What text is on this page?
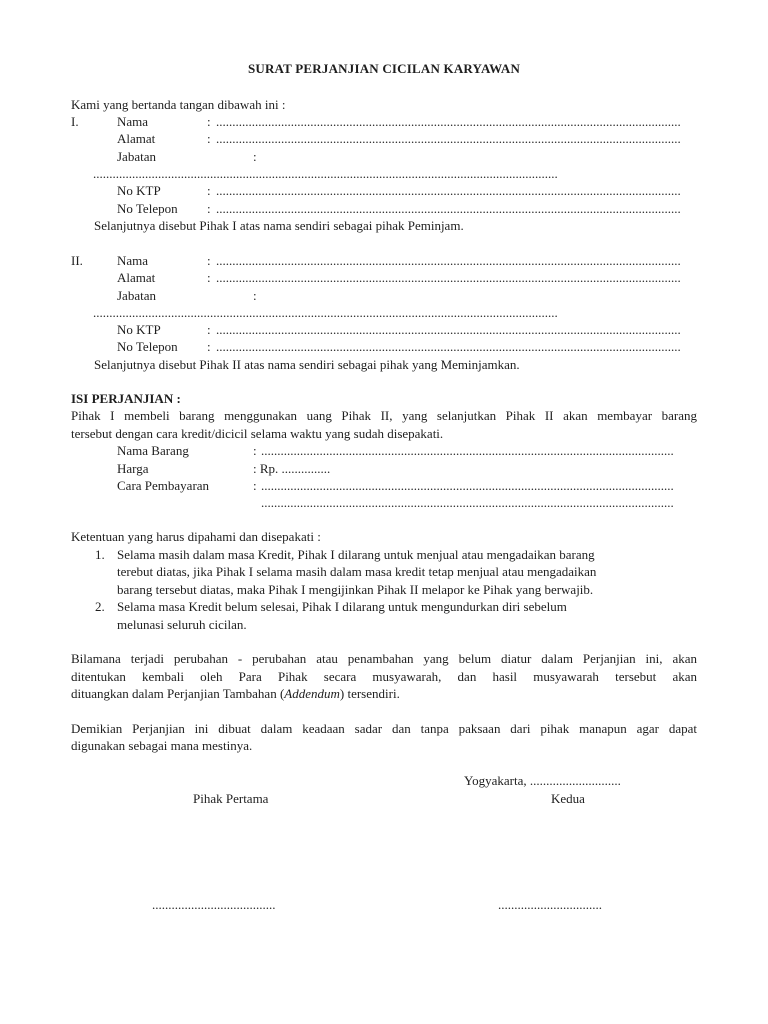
SURAT PERJANJIAN CICILAN KARYAWAN
Kami yang bertanda tangan dibawah ini :
I.	Nama	: ...............................................................................................................................................
Alamat	: ...............................................................................................................................................
Jabatan	:
...............................................................................................................................................
No KTP	: ...............................................................................................................................................
No Telepon : ...............................................................................................................................................
Selanjutnya disebut Pihak I atas nama sendiri sebagai pihak Peminjam.
II.	Nama	: ...............................................................................................................................................
Alamat	: ...............................................................................................................................................
Jabatan	:
...............................................................................................................................................
No KTP	: ...............................................................................................................................................
No Telepon : ...............................................................................................................................................
Selanjutnya disebut Pihak II atas nama sendiri sebagai pihak yang Meminjamkan.
ISI PERJANJIAN :
Pihak I membeli barang menggunakan uang Pihak II, yang selanjutkan Pihak II akan membayar barang
tersebut dengan cara kredit/dicicil selama waktu yang sudah disepakati.
Nama Barang	: ...............................................................................................................................
Harga	: Rp. ...............
Cara Pembayaran	: ...............................................................................................................................
...............................................................................................................................
Ketentuan yang harus dipahami dan disepakati :
1. Selama masih dalam masa Kredit, Pihak I dilarang untuk menjual atau mengadaikan barang
terebut diatas, jika Pihak I selama masih dalam masa kredit tetap menjual atau mengadaikan
barang tersebut diatas, maka Pihak I mengijinkan Pihak II melapor ke Pihak yang berwajib.
2. Selama masa Kredit belum selesai, Pihak I dilarang untuk mengundurkan diri sebelum
melunasi seluruh cicilan.
Bilamana terjadi perubahan - perubahan atau penambahan yang belum diatur dalam Perjanjian ini, akan
ditentukan kembali oleh Para Pihak secara musyawarah, dan hasil musyawarah tersebut akan
dituangkan dalam Perjanjian Tambahan (Addendum) tersendiri.
Demikian Perjanjian ini dibuat dalam keadaan sadar dan tanpa paksaan dari pihak manapun agar dapat
digunakan sebagai mana mestinya.
Yogyakarta, ............................
Pihak Pertama	Kedua
......................................	................................
